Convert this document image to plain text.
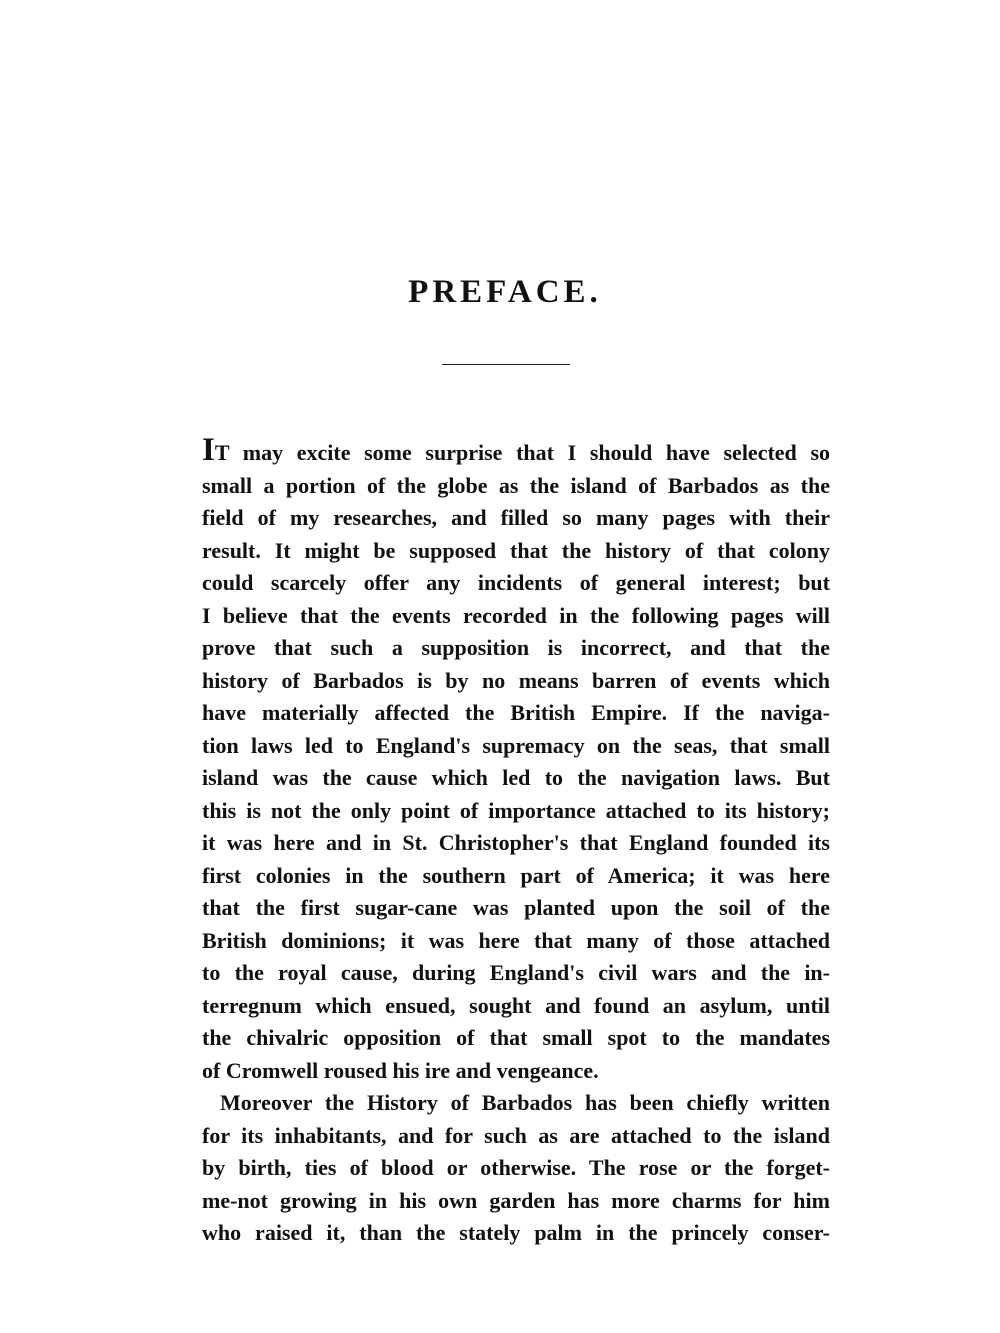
PREFACE.
IT may excite some surprise that I should have selected so
small a portion of the globe as the island of Barbados as the
field of my researches, and filled so many pages with their
result. It might be supposed that the history of that colony
could scarcely offer any incidents of general interest; but
I believe that the events recorded in the following pages will
prove that such a supposition is incorrect, and that the
history of Barbados is by no means barren of events which
have materially affected the British Empire. If the naviga-
tion laws led to England's supremacy on the seas, that small
island was the cause which led to the navigation laws. But
this is not the only point of importance attached to its history;
it was here and in St. Christopher's that England founded its
first colonies in the southern part of America; it was here
that the first sugar-cane was planted upon the soil of the
British dominions; it was here that many of those attached
to the royal cause, during England's civil wars and the in-
terregnum which ensued, sought and found an asylum, until
the chivalric opposition of that small spot to the mandates
of Cromwell roused his ire and vengeance.
Moreover the History of Barbados has been chiefly written
for its inhabitants, and for such as are attached to the island
by birth, ties of blood or otherwise. The rose or the forget-
me-not growing in his own garden has more charms for him
who raised it, than the stately palm in the princely conser-
